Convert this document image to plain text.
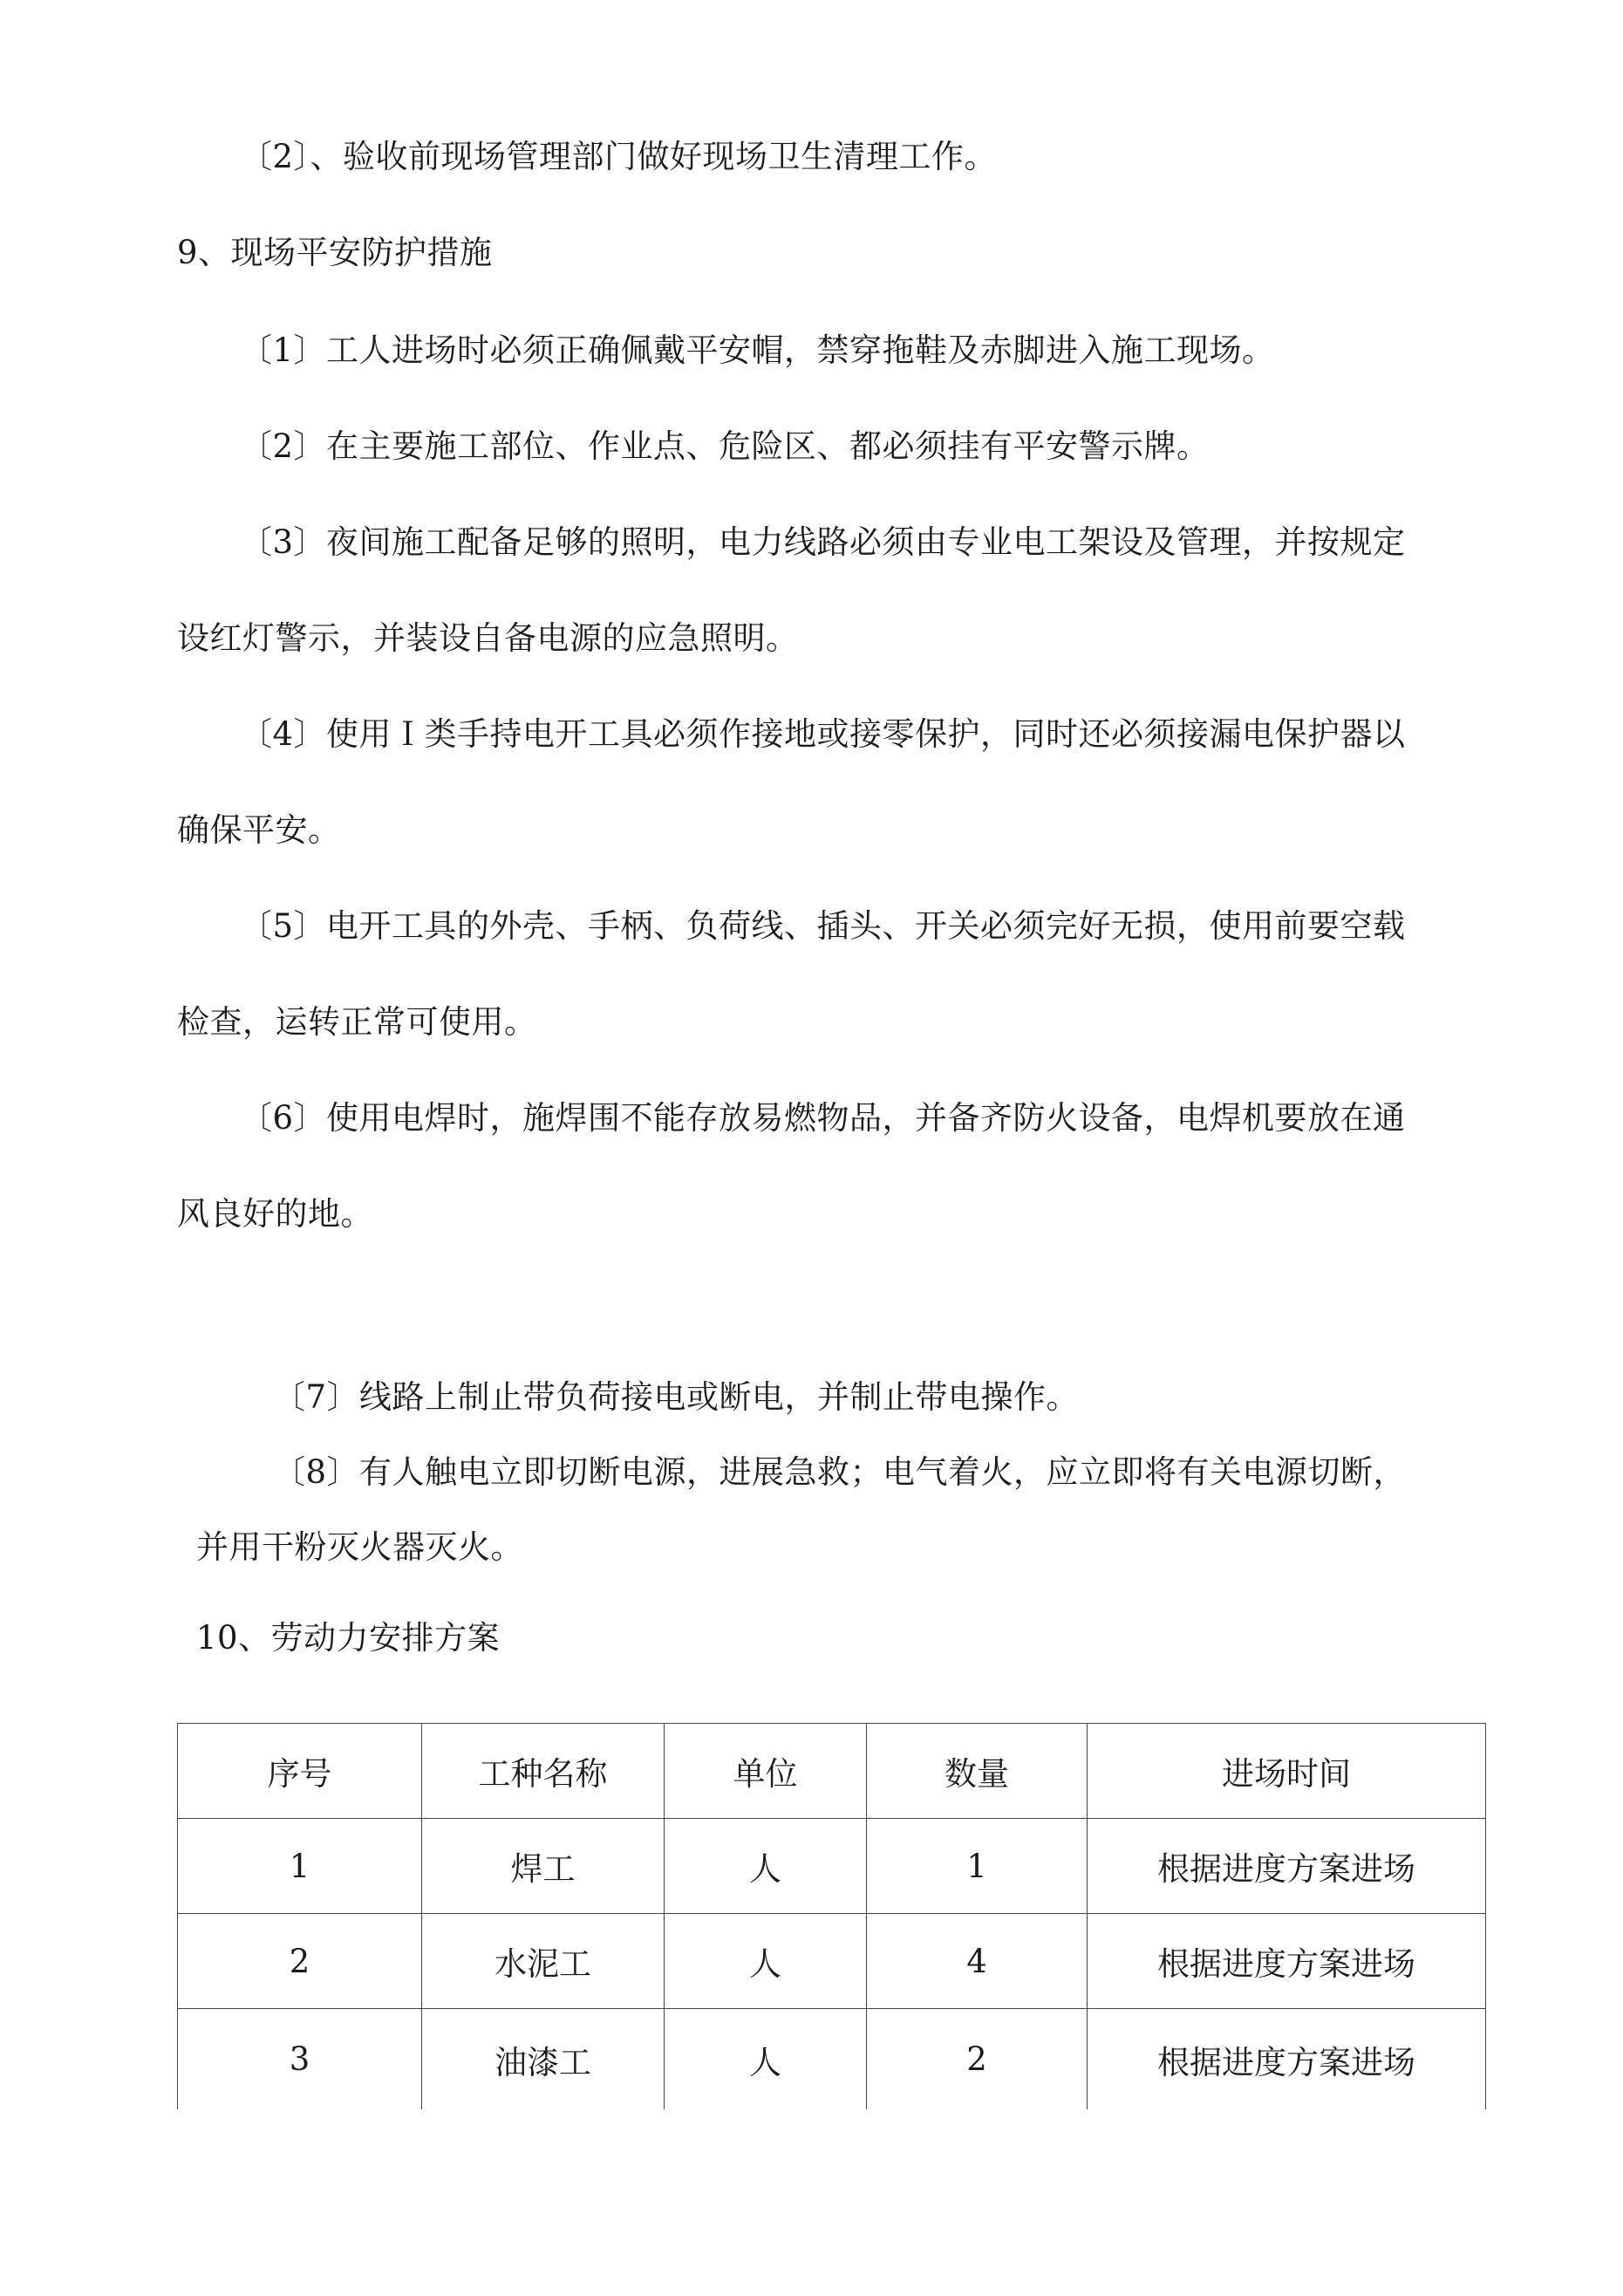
〔2〕、验收前现场管理部门做好现场卫生清理工作。
9、现场平安防护措施
〔1〕工人进场时必须正确佩戴平安帽，禁穿拖鞋及赤脚进入施工现场。
〔2〕在主要施工部位、作业点、危险区、都必须挂有平安警示牌。
〔3〕夜间施工配备足够的照明，电力线路必须由专业电工架设及管理，并按规定
设红灯警示，并装设自备电源的应急照明。
〔4〕使用Ｉ类手持电开工具必须作接地或接零保护，同时还必须接漏电保护器以
确保平安。
〔5〕电开工具的外壳、手柄、负荷线、插头、开关必须完好无损，使用前要空载
检查，运转正常可使用。
〔6〕使用电焊时，施焊围不能存放易燃物品，并备齐防火设备，电焊机要放在通
风良好的地。
〔7〕线路上制止带负荷接电或断电，并制止带电操作。
〔8〕有人触电立即切断电源，进展急救；电气着火，应立即将有关电源切断，
并用干粉灭火器灭火。
10、劳动力安排方案
序号	工种名称	单位	数量	进场时间
1	焊工	人	1	根据进度方案进场
2	水泥工	人	4	根据进度方案进场
3	油漆工	人	2	根据进度方案进场
